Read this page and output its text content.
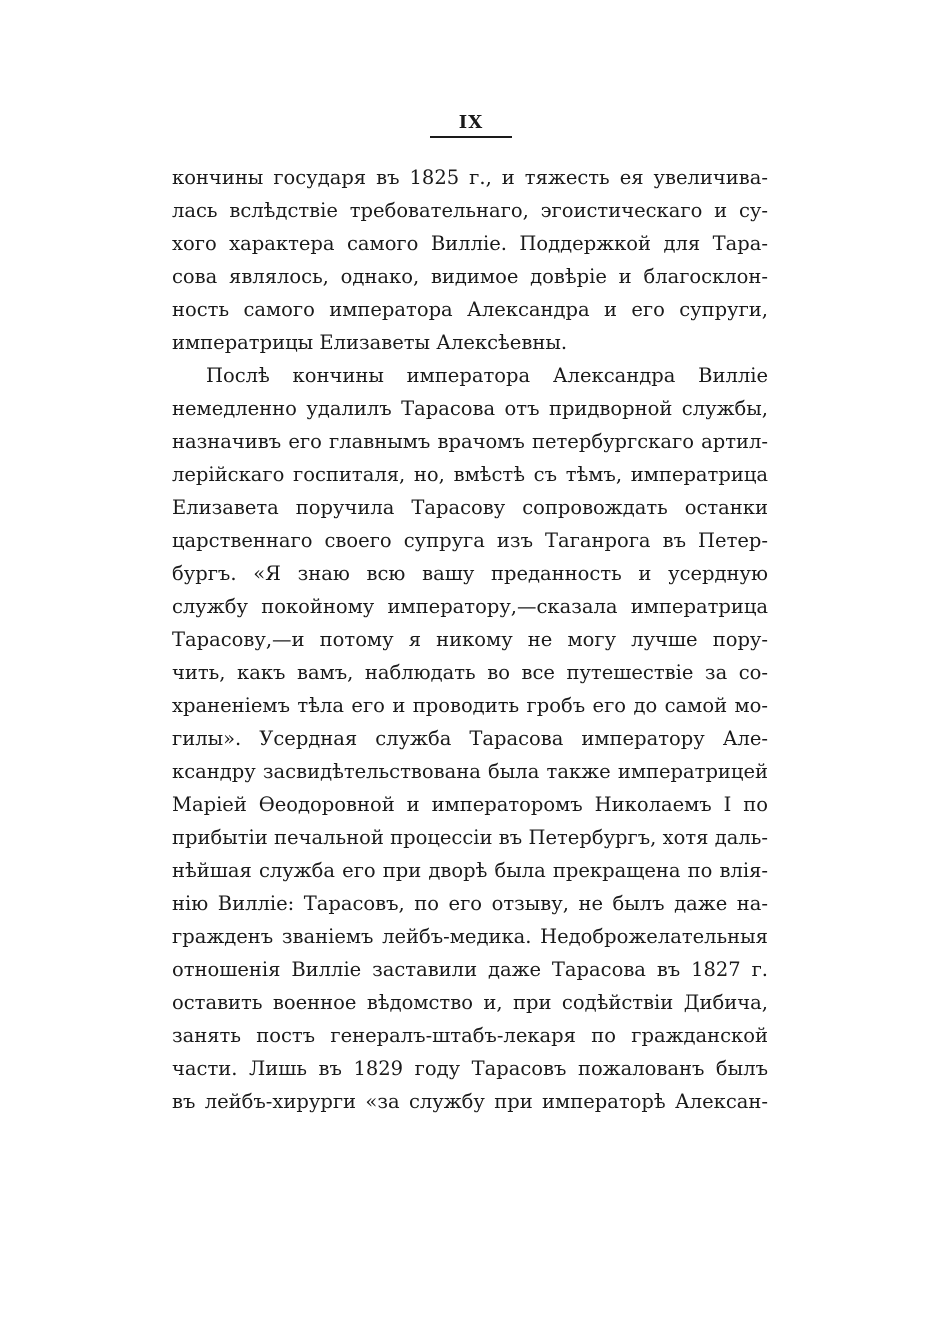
IX
кончины государя въ 1825 г., и тяжесть ея увеличива-
лась вслѣдствіе требовательнаго, эгоистическаго и су-
хого характера самого Виллie. Поддержкой для Тара-
сова являлось, однако, видимое довѣріе и благосклон-
ность самого императора Александра и его супруги,
императрицы Елизаветы Алексѣевны.
Послѣ кончины императора Александра Виллie
немедленно удалилъ Тарасова отъ придворной службы,
назначивъ его главнымъ врачомъ петербургскаго артил-
лерійскаго госпиталя, но, вмѣстѣ съ тѣмъ, императрица
Елизавета поручила Тарасову сопровождать останки
царственнаго своего супруга изъ Таганрога въ Петер-
бургъ. «Я знаю всю вашу преданность и усердную
службу покойному императору,—сказала императрица
Тарасову,—и потому я никому не могу лучше пору-
чить, какъ вамъ, наблюдать во все путешествіе за со-
храненіемъ тѣла его и проводить гробъ его до самой мо-
гилы». Усердная служба Тарасова императору Але-
ксандру засвидѣтельствована была также императрицей
Маріей Ѳеодоровной и императоромъ Николаемъ I по
прибытіи печальной процессіи въ Петербургъ, хотя даль-
нѣйшая служба его при дворѣ была прекращена по влія-
нію Виллie: Тарасовъ, по его отзыву, не былъ даже на-
гражденъ званіемъ лейбъ-медика. Недоброжелательныя
отношенія Виллie заставили даже Тарасова въ 1827 г.
оставить военное вѣдомство и, при содѣйствіи Дибича,
занять постъ генералъ-штабъ-лекаря по гражданской
части. Лишь въ 1829 году Тарасовъ пожалованъ былъ
въ лейбъ-хирурги «за службу при императорѣ Алексан-
